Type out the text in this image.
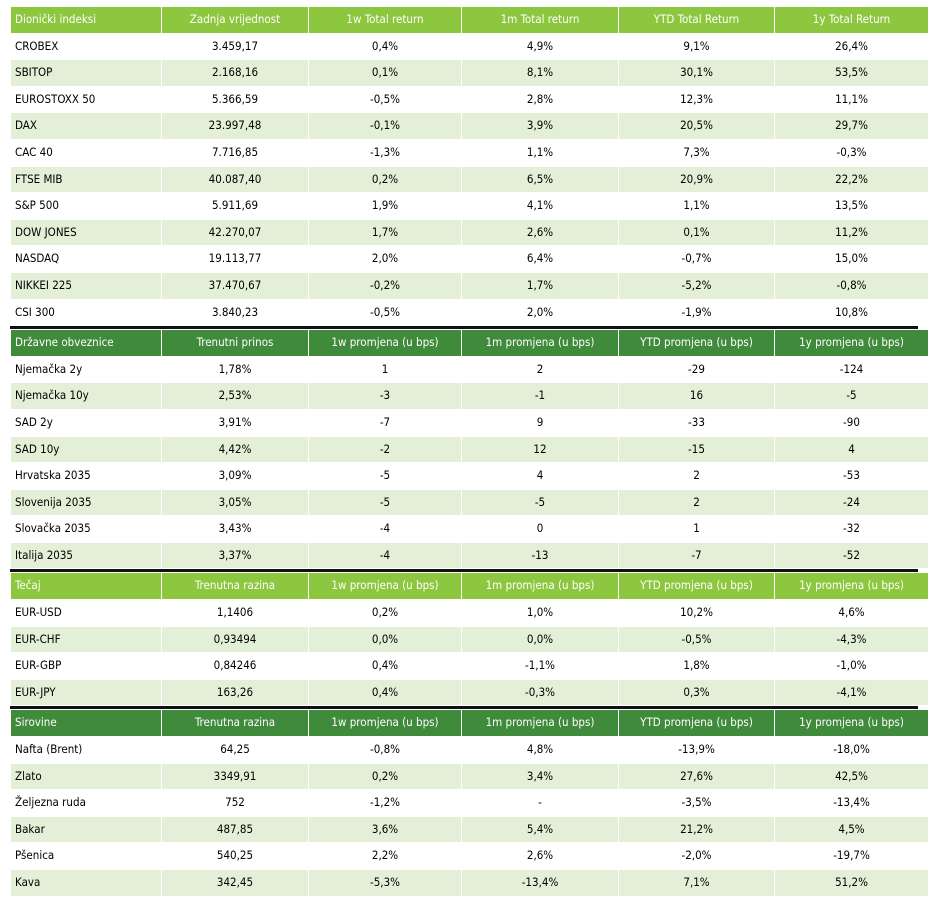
Dionički indeksi	Zadnja vrijednost	1w Total return	1m Total return	YTD Total Return	1y Total Return
CROBEX	3.459,17	0,4%	4,9%	9,1%	26,4%
SBITOP	2.168,16	0,1%	8,1%	30,1%	53,5%
EUROSTOXX 50	5.366,59	-0,5%	2,8%	12,3%	11,1%
DAX	23.997,48	-0,1%	3,9%	20,5%	29,7%
CAC 40	7.716,85	-1,3%	1,1%	7,3%	-0,3%
FTSE MIB	40.087,40	0,2%	6,5%	20,9%	22,2%
S&P 500	5.911,69	1,9%	4,1%	1,1%	13,5%
DOW JONES	42.270,07	1,7%	2,6%	0,1%	11,2%
NASDAQ	19.113,77	2,0%	6,4%	-0,7%	15,0%
NIKKEI 225	37.470,67	-0,2%	1,7%	-5,2%	-0,8%
CSI 300	3.840,23	-0,5%	2,0%	-1,9%	10,8%
Državne obveznice	Trenutni prinos	1w promjena (u bps)	1m promjena (u bps)	YTD promjena (u bps)	1y promjena (u bps)
Njemačka 2y	1,78%	1	2	-29	-124
Njemačka 10y	2,53%	-3	-1	16	-5
SAD 2y	3,91%	-7	9	-33	-90
SAD 10y	4,42%	-2	12	-15	4
Hrvatska 2035	3,09%	-5	4	2	-53
Slovenija 2035	3,05%	-5	-5	2	-24
Slovačka 2035	3,43%	-4	0	1	-32
Italija 2035	3,37%	-4	-13	-7	-52
Tečaj	Trenutna razina	1w promjena (u bps)	1m promjena (u bps)	YTD promjena (u bps)	1y promjena (u bps)
EUR-USD	1,1406	0,2%	1,0%	10,2%	4,6%
EUR-CHF	0,93494	0,0%	0,0%	-0,5%	-4,3%
EUR-GBP	0,84246	0,4%	-1,1%	1,8%	-1,0%
EUR-JPY	163,26	0,4%	-0,3%	0,3%	-4,1%
Sirovine	Trenutna razina	1w promjena (u bps)	1m promjena (u bps)	YTD promjena (u bps)	1y promjena (u bps)
Nafta (Brent)	64,25	-0,8%	4,8%	-13,9%	-18,0%
Zlato	3349,91	0,2%	3,4%	27,6%	42,5%
Željezna ruda	752	-1,2%	-	-3,5%	-13,4%
Bakar	487,85	3,6%	5,4%	21,2%	4,5%
Pšenica	540,25	2,2%	2,6%	-2,0%	-19,7%
Kava	342,45	-5,3%	-13,4%	7,1%	51,2%
